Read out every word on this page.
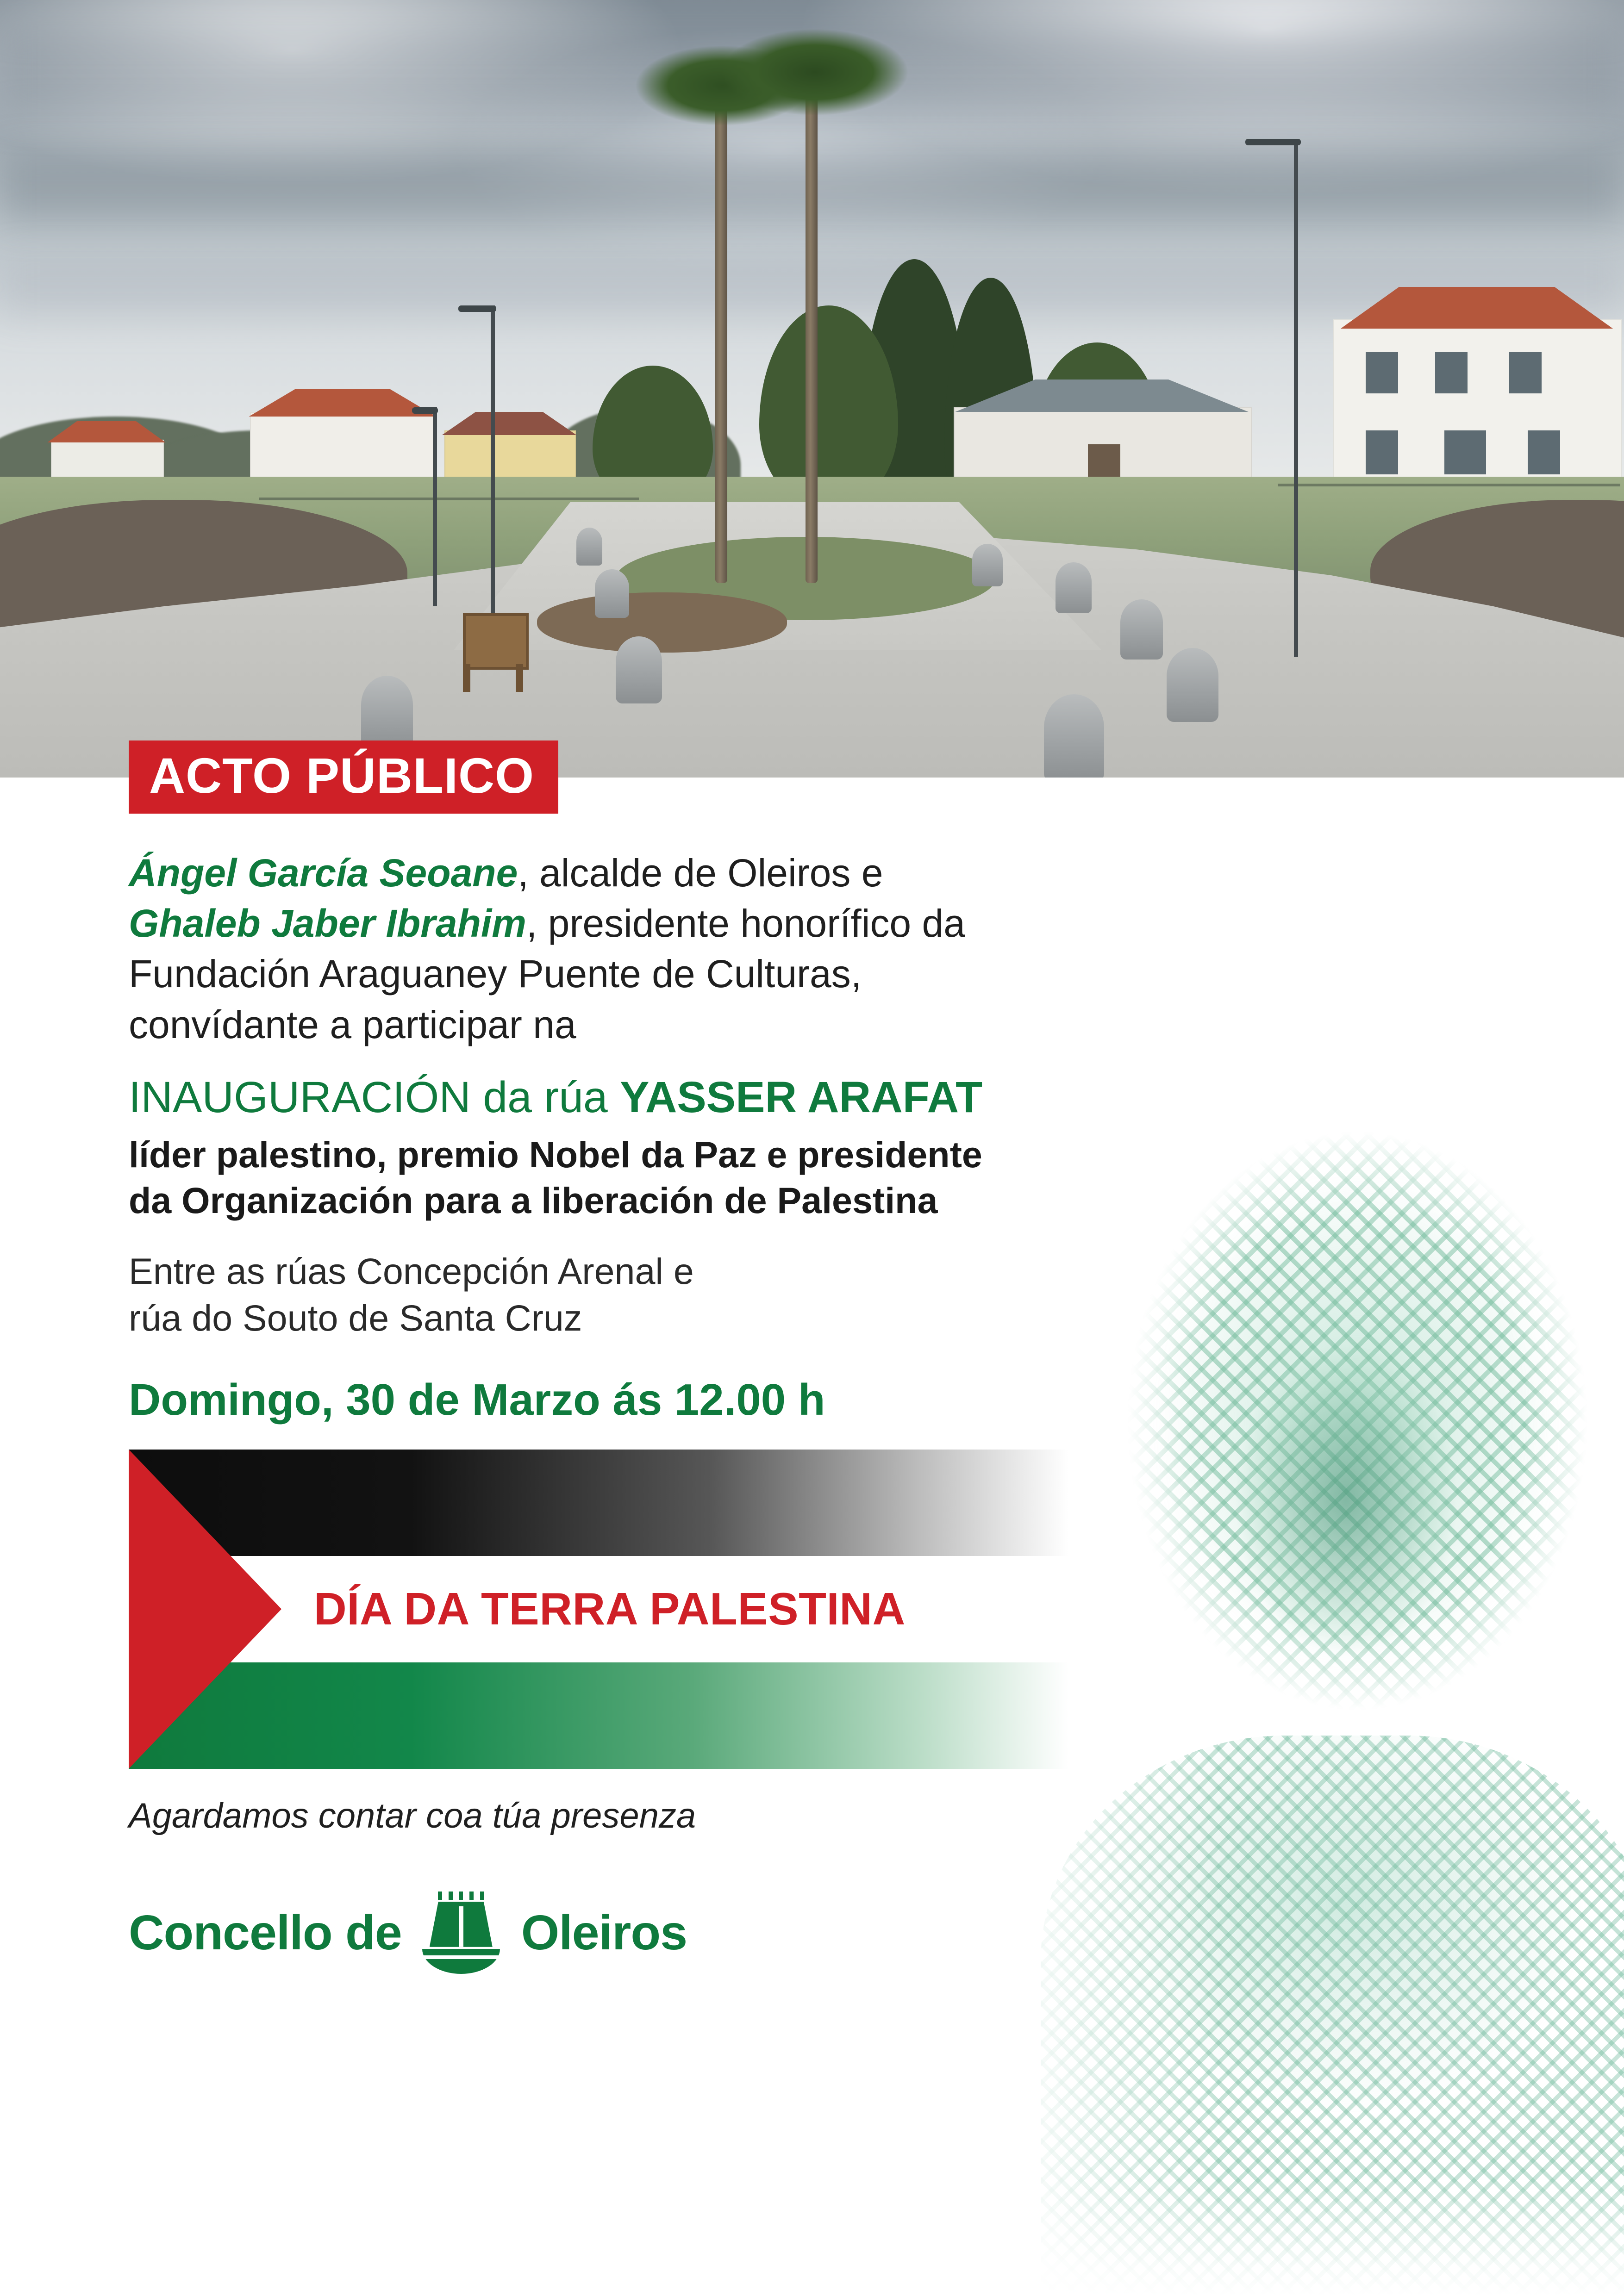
ACTO PÚBLICO
Ángel García Seoane, alcalde de Oleiros e
Ghaleb Jaber Ibrahim, presidente honorífico da
Fundación Araguaney Puente de Culturas,
convídante a participar na
INAUGURACIÓN da rúa YASSER ARAFAT
líder palestino, premio Nobel da Paz e presidente
da Organización para a liberación de Palestina
Entre as rúas Concepción Arenal e
rúa do Souto de Santa Cruz
Domingo, 30 de Marzo ás 12.00 h
DÍA DA TERRA PALESTINA
Agardamos contar coa túa presenza
Concello de Oleiros
